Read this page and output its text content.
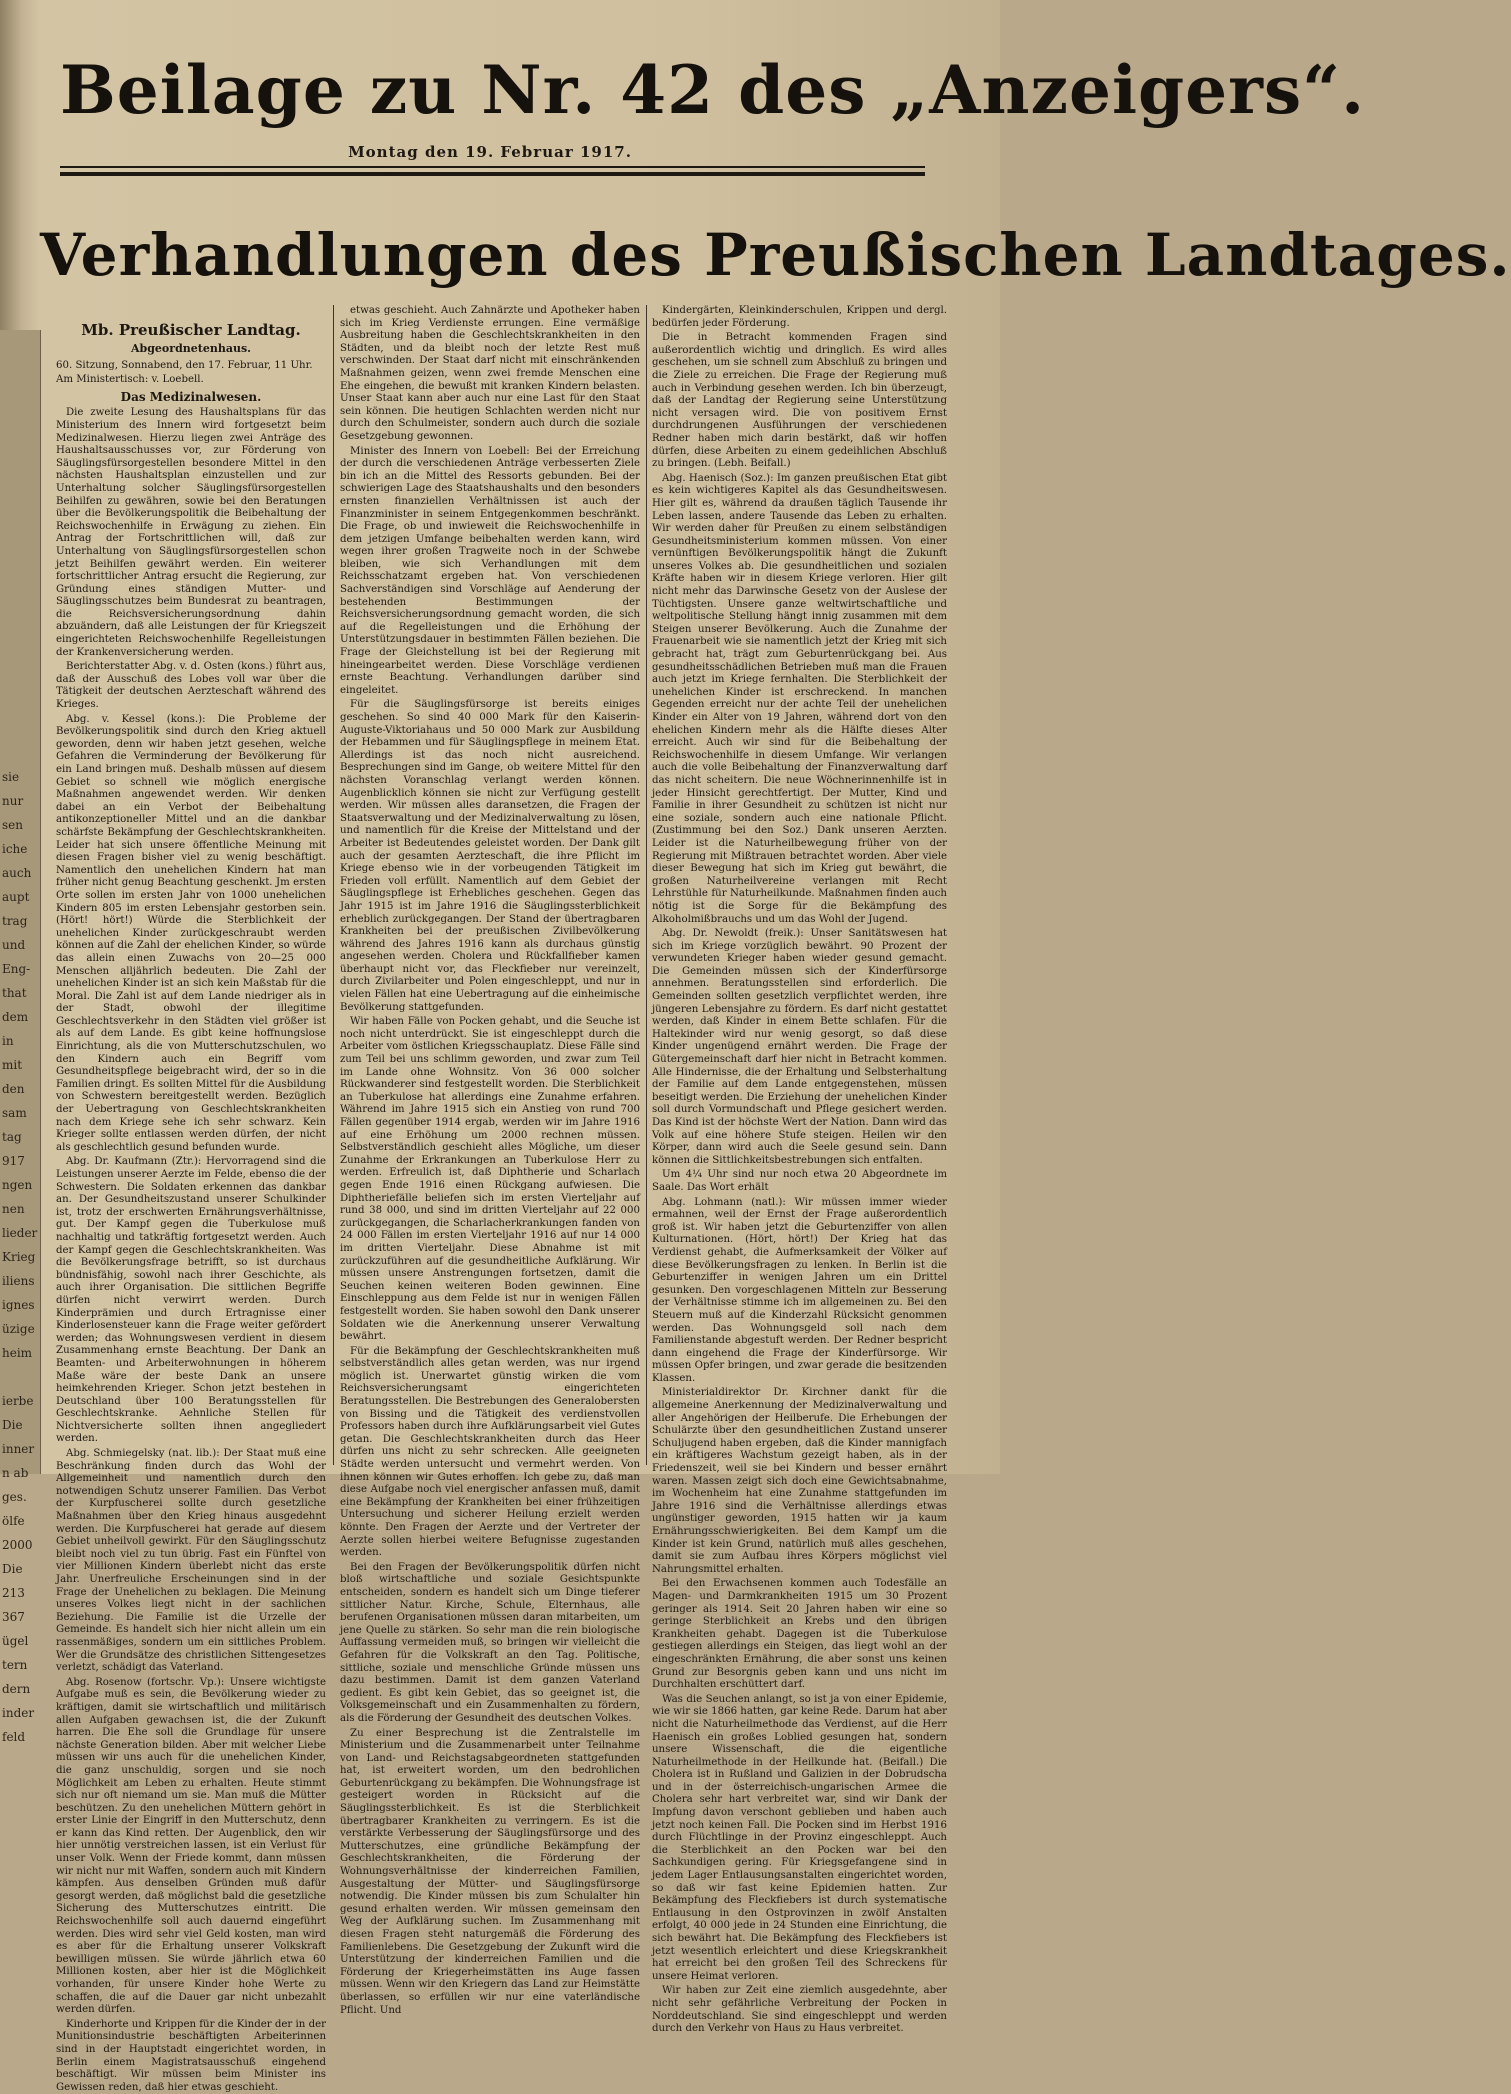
sie
nur
sen
iche
auch
aupt
trag
und
Eng-
that
dem
in
mit
den
sam
tag
917
ngen
nen
lieder
Krieg
iliens
ignes
üzige
heim
ierbe
Die
inner
n ab
ges.
ölfe
2000
Die
213
367
ügel
tern
dern
inder
feld
Beilage zu Nr. 42 des „Anzeigers“.
Montag den 19. Februar 1917.
Verhandlungen des Preußischen Landtages.
Mb. Preußischer Landtag.
Abgeordnetenhaus.
60. Sitzung, Sonnabend, den 17. Februar, 11 Uhr.
Am Ministertisch: v. Loebell.
Das Medizinalwesen.

Die zweite Lesung des Haushaltsplans für das Ministerium des Innern wird fortgesetzt beim Medizinalwesen. Hierzu liegen zwei Anträge des Haushaltsausschusses vor, zur Förderung von Säuglingsfürsorgestellen besondere Mittel in den nächsten Haushaltsplan einzustellen und zur Unterhaltung solcher Säuglingsfürsorgestellen Beihilfen zu gewähren, sowie bei den Beratungen über die Bevölkerungspolitik die Beibehaltung der Reichswochenhilfe in Erwägung zu ziehen. Ein Antrag der Fortschrittlichen will, daß zur Unterhaltung von Säuglingsfürsorgestellen schon jetzt Beihilfen gewährt werden. Ein weiterer fortschrittlicher Antrag ersucht die Regierung, zur Gründung eines ständigen Mutter- und Säuglingsschutzes beim Bundesrat zu beantragen, die Reichsversicherungsordnung dahin abzuändern, daß alle Leistungen der für Kriegszeit eingerichteten Reichswochenhilfe Regelleistungen der Krankenversicherung werden.

Berichterstatter Abg. v. d. Osten (kons.) führt aus, daß der Ausschuß des Lobes voll war über die Tätigkeit der deutschen Aerzteschaft während des Krieges.

Abg. v. Kessel (kons.): Die Probleme der Bevölkerungspolitik sind durch den Krieg aktuell geworden, denn wir haben jetzt gesehen, welche Gefahren die Verminderung der Bevölkerung für ein Land bringen muß. Deshalb müssen auf diesem Gebiet so schnell wie möglich energische Maßnahmen angewendet werden. Wir denken dabei an ein Verbot der Beibehaltung antikonzeptioneller Mittel und an die dankbar schärfste Bekämpfung der Geschlechtskrankheiten. Leider hat sich unsere öffentliche Meinung mit diesen Fragen bisher viel zu wenig beschäftigt. Namentlich den unehelichen Kindern hat man früher nicht genug Beachtung geschenkt. Jm ersten Orte sollen im ersten Jahr von 1000 unehelichen Kindern 805 im ersten Lebensjahr gestorben sein. (Hört! hört!) Würde die Sterblichkeit der unehelichen Kinder zurückgeschraubt werden können auf die Zahl der ehelichen Kinder, so würde das allein einen Zuwachs von 20—25 000 Menschen alljährlich bedeuten. Die Zahl der unehelichen Kinder ist an sich kein Maßstab für die Moral. Die Zahl ist auf dem Lande niedriger als in der Stadt, obwohl der illegitime Geschlechtsverkehr in den Städten viel größer ist als auf dem Lande. Es gibt keine hoffnungslose Einrichtung, als die von Mutterschutzschulen, wo den Kindern auch ein Begriff vom Gesundheitspflege beigebracht wird, der so in die Familien dringt. Es sollten Mittel für die Ausbildung von Schwestern bereitgestellt werden. Bezüglich der Uebertragung von Geschlechtskrankheiten nach dem Kriege sehe ich sehr schwarz. Kein Krieger sollte entlassen werden dürfen, der nicht als geschlechtlich gesund befunden wurde.

Abg. Dr. Kaufmann (Ztr.): Hervorragend sind die Leistungen unserer Aerzte im Felde, ebenso die der Schwestern. Die Soldaten erkennen das dankbar an. Der Gesundheitszustand unserer Schulkinder ist, trotz der erschwerten Ernährungsverhältnisse, gut. Der Kampf gegen die Tuberkulose muß nachhaltig und tatkräftig fortgesetzt werden. Auch der Kampf gegen die Geschlechtskrankheiten. Was die Bevölkerungsfrage betrifft, so ist durchaus bündnisfähig, sowohl nach ihrer Geschichte, als auch ihrer Organisation. Die sittlichen Begriffe dürfen nicht verwirrt werden. Durch Kinderprämien und durch Ertragnisse einer Kinderlosensteuer kann die Frage weiter gefördert werden; das Wohnungswesen verdient in diesem Zusammenhang ernste Beachtung. Der Dank an Beamten- und Arbeiterwohnungen in höherem Maße wäre der beste Dank an unsere heimkehrenden Krieger. Schon jetzt bestehen in Deutschland über 100 Beratungsstellen für Geschlechtskranke. Aehnliche Stellen für Nichtversicherte sollten ihnen angegliedert werden.

Abg. Schmiegelsky (nat. lib.): Der Staat muß eine Beschränkung finden durch das Wohl der Allgemeinheit und namentlich durch den notwendigen Schutz unserer Familien. Das Verbot der Kurpfuscherei sollte durch gesetzliche Maßnahmen über den Krieg hinaus ausgedehnt werden. Die Kurpfuscherei hat gerade auf diesem Gebiet unheilvoll gewirkt. Für den Säuglingsschutz bleibt noch viel zu tun übrig. Fast ein Fünftel von vier Millionen Kindern überlebt nicht das erste Jahr. Unerfreuliche Erscheinungen sind in der Frage der Unehelichen zu beklagen. Die Meinung unseres Volkes liegt nicht in der sachlichen Beziehung. Die Familie ist die Urzelle der Gemeinde. Es handelt sich hier nicht allein um ein rassenmäßiges, sondern um ein sittliches Problem. Wer die Grundsätze des christlichen Sittengesetzes verletzt, schädigt das Vaterland.

Abg. Rosenow (fortschr. Vp.): Unsere wichtigste Aufgabe muß es sein, die Bevölkerung wieder zu kräftigen, damit sie wirtschaftlich und militärisch allen Aufgaben gewachsen ist, die der Zukunft harren. Die Ehe soll die Grundlage für unsere nächste Generation bilden. Aber mit welcher Liebe müssen wir uns auch für die unehelichen Kinder, die ganz unschuldig, sorgen und sie noch Möglichkeit am Leben zu erhalten. Heute stimmt sich nur oft niemand um sie. Man muß die Mütter beschützen. Zu den unehelichen Müttern gehört in erster Linie der Eingriff in den Mutterschutz, denn er kann das Kind retten. Der Augenblick, den wir hier unnötig verstreichen lassen, ist ein Verlust für unser Volk. Wenn der Friede kommt, dann müssen wir nicht nur mit Waffen, sondern auch mit Kindern kämpfen. Aus denselben Gründen muß dafür gesorgt werden, daß möglichst bald die gesetzliche Sicherung des Mutterschutzes eintritt. Die Reichswochenhilfe soll auch dauernd eingeführt werden. Dies wird sehr viel Geld kosten, man wird es aber für die Erhaltung unserer Volkskraft bewilligen müssen. Sie würde jährlich etwa 60 Millionen kosten, aber hier ist die Möglichkeit vorhanden, für unsere Kinder hohe Werte zu schaffen, die auf die Dauer gar nicht unbezahlt werden dürfen.

Kinderhorte und Krippen für die Kinder der in der Munitionsindustrie beschäftigten Arbeiterinnen sind in der Hauptstadt eingerichtet worden, in Berlin einem Magistratsausschuß eingehend beschäftigt. Wir müssen beim Minister ins Gewissen reden, daß hier etwas geschieht.

etwas geschieht. Auch Zahnärzte und Apotheker haben sich im Krieg Verdienste errungen. Eine vermäßige Ausbreitung haben die Geschlechtskrankheiten in den Städten, und da bleibt noch der letzte Rest muß verschwinden. Der Staat darf nicht mit einschränkenden Maßnahmen geizen, wenn zwei fremde Menschen eine Ehe eingehen, die bewußt mit kranken Kindern belasten. Unser Staat kann aber auch nur eine Last für den Staat sein können. Die heutigen Schlachten werden nicht nur durch den Schulmeister, sondern auch durch die soziale Gesetzgebung gewonnen.

Minister des Innern von Loebell: Bei der Erreichung der durch die verschiedenen Anträge verbesserten Ziele bin ich an die Mittel des Ressorts gebunden. Bei der schwierigen Lage des Staatshaushalts und den besonders ernsten finanziellen Verhältnissen ist auch der Finanzminister in seinem Entgegenkommen beschränkt. Die Frage, ob und inwieweit die Reichswochenhilfe in dem jetzigen Umfange beibehalten werden kann, wird wegen ihrer großen Tragweite noch in der Schwebe bleiben, wie sich Verhandlungen mit dem Reichsschatzamt ergeben hat. Von verschiedenen Sachverständigen sind Vorschläge auf Aenderung der bestehenden Bestimmungen der Reichsversicherungsordnung gemacht worden, die sich auf die Regelleistungen und die Erhöhung der Unterstützungsdauer in bestimmten Fällen beziehen. Die Frage der Gleichstellung ist bei der Regierung mit hineingearbeitet werden. Diese Vorschläge verdienen ernste Beachtung. Verhandlungen darüber sind eingeleitet.

Für die Säuglingsfürsorge ist bereits einiges geschehen. So sind 40 000 Mark für den Kaiserin-Auguste-Viktoriahaus und 50 000 Mark zur Ausbildung der Hebammen und für Säuglingspflege in meinem Etat. Allerdings ist das noch nicht ausreichend. Besprechungen sind im Gange, ob weitere Mittel für den nächsten Voranschlag verlangt werden können. Augenblicklich können sie nicht zur Verfügung gestellt werden. Wir müssen alles daransetzen, die Fragen der Staatsverwaltung und der Medizinalverwaltung zu lösen, und namentlich für die Kreise der Mittelstand und der Arbeiter ist Bedeutendes geleistet worden. Der Dank gilt auch der gesamten Aerzteschaft, die ihre Pflicht im Kriege ebenso wie in der vorbeugenden Tätigkeit im Frieden voll erfüllt. Namentlich auf dem Gebiet der Säuglingspflege ist Erhebliches geschehen. Gegen das Jahr 1915 ist im Jahre 1916 die Säuglingssterblichkeit erheblich zurückgegangen. Der Stand der übertragbaren Krankheiten bei der preußischen Zivilbevölkerung während des Jahres 1916 kann als durchaus günstig angesehen werden. Cholera und Rückfallfieber kamen überhaupt nicht vor, das Fleckfieber nur vereinzelt, durch Zivilarbeiter und Polen eingeschleppt, und nur in vielen Fällen hat eine Uebertragung auf die einheimische Bevölkerung stattgefunden.

Wir haben Fälle von Pocken gehabt, und die Seuche ist noch nicht unterdrückt. Sie ist eingeschleppt durch die Arbeiter vom östlichen Kriegsschauplatz. Diese Fälle sind zum Teil bei uns schlimm geworden, und zwar zum Teil im Lande ohne Wohnsitz. Von 36 000 solcher Rückwanderer sind festgestellt worden. Die Sterblichkeit an Tuberkulose hat allerdings eine Zunahme erfahren. Während im Jahre 1915 sich ein Anstieg von rund 700 Fällen gegenüber 1914 ergab, werden wir im Jahre 1916 auf eine Erhöhung um 2000 rechnen müssen. Selbstverständlich geschieht alles Mögliche, um dieser Zunahme der Erkrankungen an Tuberkulose Herr zu werden. Erfreulich ist, daß Diphtherie und Scharlach gegen Ende 1916 einen Rückgang aufwiesen. Die Diphtheriefälle beliefen sich im ersten Vierteljahr auf rund 38 000, und sind im dritten Vierteljahr auf 22 000 zurückgegangen, die Scharlacherkrankungen fanden von 24 000 Fällen im ersten Vierteljahr 1916 auf nur 14 000 im dritten Vierteljahr. Diese Abnahme ist mit zurückzuführen auf die gesundheitliche Aufklärung. Wir müssen unsere Anstrengungen fortsetzen, damit die Seuchen keinen weiteren Boden gewinnen. Eine Einschleppung aus dem Felde ist nur in wenigen Fällen festgestellt worden. Sie haben sowohl den Dank unserer Soldaten wie die Anerkennung unserer Verwaltung bewährt.

Für die Bekämpfung der Geschlechtskrankheiten muß selbstverständlich alles getan werden, was nur irgend möglich ist. Unerwartet günstig wirken die vom Reichsversicherungsamt eingerichteten Beratungsstellen. Die Bestrebungen des Generalobersten von Bissing und die Tätigkeit des verdienstvollen Professors haben durch ihre Aufklärungsarbeit viel Gutes getan. Die Geschlechtskrankheiten durch das Heer dürfen uns nicht zu sehr schrecken. Alle geeigneten Städte werden untersucht und vermehrt werden. Von ihnen können wir Gutes erhoffen. Ich gebe zu, daß man diese Aufgabe noch viel energischer anfassen muß, damit eine Bekämpfung der Krankheiten bei einer frühzeitigen Untersuchung und sicherer Heilung erzielt werden könnte. Den Fragen der Aerzte und der Vertreter der Aerzte sollen hierbei weitere Befugnisse zugestanden werden.

Bei den Fragen der Bevölkerungspolitik dürfen nicht bloß wirtschaftliche und soziale Gesichtspunkte entscheiden, sondern es handelt sich um Dinge tieferer sittlicher Natur. Kirche, Schule, Elternhaus, alle berufenen Organisationen müssen daran mitarbeiten, um jene Quelle zu stärken. So sehr man die rein biologische Auffassung vermeiden muß, so bringen wir vielleicht die Gefahren für die Volkskraft an den Tag. Politische, sittliche, soziale und menschliche Gründe müssen uns dazu bestimmen. Damit ist dem ganzen Vaterland gedient. Es gibt kein Gebiet, das so geeignet ist, die Volksgemeinschaft und ein Zusammenhalten zu fördern, als die Förderung der Gesundheit des deutschen Volkes.

Zu einer Besprechung ist die Zentralstelle im Ministerium und die Zusammenarbeit unter Teilnahme von Land- und Reichstagsabgeordneten stattgefunden hat, ist erweitert worden, um den bedrohlichen Geburtenrückgang zu bekämpfen. Die Wohnungsfrage ist gesteigert worden in Rücksicht auf die Säuglingssterblichkeit. Es ist die Sterblichkeit übertragbarer Krankheiten zu verringern. Es ist die verstärkte Verbesserung der Säuglingsfürsorge und des Mutterschutzes, eine gründliche Bekämpfung der Geschlechtskrankheiten, die Förderung der Wohnungsverhältnisse der kinderreichen Familien, Ausgestaltung der Mütter- und Säuglingsfürsorge notwendig. Die Kinder müssen bis zum Schulalter hin gesund erhalten werden. Wir müssen gemeinsam den Weg der Aufklärung suchen. Im Zusammenhang mit diesen Fragen steht naturgemäß die Förderung des Familienlebens. Die Gesetzgebung der Zukunft wird die Unterstützung der kinderreichen Familien und die Förderung der Kriegerheimstätten ins Auge fassen müssen. Wenn wir den Kriegern das Land zur Heimstätte überlassen, so erfüllen wir nur eine vaterländische Pflicht. Und

Kindergärten, Kleinkinderschulen, Krippen und dergl. bedürfen jeder Förderung.

Die in Betracht kommenden Fragen sind außerordentlich wichtig und dringlich. Es wird alles geschehen, um sie schnell zum Abschluß zu bringen und die Ziele zu erreichen. Die Frage der Regierung muß auch in Verbindung gesehen werden. Ich bin überzeugt, daß der Landtag der Regierung seine Unterstützung nicht versagen wird. Die von positivem Ernst durchdrungenen Ausführungen der verschiedenen Redner haben mich darin bestärkt, daß wir hoffen dürfen, diese Arbeiten zu einem gedeihlichen Abschluß zu bringen. (Lebh. Beifall.)

Abg. Haenisch (Soz.): Im ganzen preußischen Etat gibt es kein wichtigeres Kapitel als das Gesundheitswesen. Hier gilt es, während da draußen täglich Tausende ihr Leben lassen, andere Tausende das Leben zu erhalten. Wir werden daher für Preußen zu einem selbständigen Gesundheitsministerium kommen müssen. Von einer vernünftigen Bevölkerungspolitik hängt die Zukunft unseres Volkes ab. Die gesundheitlichen und sozialen Kräfte haben wir in diesem Kriege verloren. Hier gilt nicht mehr das Darwinsche Gesetz von der Auslese der Tüchtigsten. Unsere ganze weltwirtschaftliche und weltpolitische Stellung hängt innig zusammen mit dem Steigen unserer Bevölkerung. Auch die Zunahme der Frauenarbeit wie sie namentlich jetzt der Krieg mit sich gebracht hat, trägt zum Geburtenrückgang bei. Aus gesundheitsschädlichen Betrieben muß man die Frauen auch jetzt im Kriege fernhalten. Die Sterblichkeit der unehelichen Kinder ist erschreckend. In manchen Gegenden erreicht nur der achte Teil der unehelichen Kinder ein Alter von 19 Jahren, während dort von den ehelichen Kindern mehr als die Hälfte dieses Alter erreicht. Auch wir sind für die Beibehaltung der Reichswochenhilfe in diesem Umfange. Wir verlangen auch die volle Beibehaltung der Finanzverwaltung darf das nicht scheitern. Die neue Wöchnerinnenhilfe ist in jeder Hinsicht gerechtfertigt. Der Mutter, Kind und Familie in ihrer Gesundheit zu schützen ist nicht nur eine soziale, sondern auch eine nationale Pflicht. (Zustimmung bei den Soz.) Dank unseren Aerzten. Leider ist die Naturheilbewegung früher von der Regierung mit Mißtrauen betrachtet worden. Aber viele dieser Bewegung hat sich im Krieg gut bewährt, die großen Naturheilvereine verlangen mit Recht Lehrstühle für Naturheilkunde. Maßnahmen finden auch nötig ist die Sorge für die Bekämpfung des Alkoholmißbrauchs und um das Wohl der Jugend.

Abg. Dr. Newoldt (freik.): Unser Sanitätswesen hat sich im Kriege vorzüglich bewährt. 90 Prozent der verwundeten Krieger haben wieder gesund gemacht. Die Gemeinden müssen sich der Kinderfürsorge annehmen. Beratungsstellen sind erforderlich. Die Gemeinden sollten gesetzlich verpflichtet werden, ihre jüngeren Lebensjahre zu fördern. Es darf nicht gestattet werden, daß Kinder in einem Bette schlafen. Für die Haltekinder wird nur wenig gesorgt, so daß diese Kinder ungenügend ernährt werden. Die Frage der Gütergemeinschaft darf hier nicht in Betracht kommen. Alle Hindernisse, die der Erhaltung und Selbsterhaltung der Familie auf dem Lande entgegenstehen, müssen beseitigt werden. Die Erziehung der unehelichen Kinder soll durch Vormundschaft und Pflege gesichert werden. Das Kind ist der höchste Wert der Nation. Dann wird das Volk auf eine höhere Stufe steigen. Heilen wir den Körper, dann wird auch die Seele gesund sein. Dann können die Sittlichkeitsbestrebungen sich entfalten.

Um 4¼ Uhr sind nur noch etwa 20 Abgeordnete im Saale. Das Wort erhält

Abg. Lohmann (natl.): Wir müssen immer wieder ermahnen, weil der Ernst der Frage außerordentlich groß ist. Wir haben jetzt die Geburtenziffer von allen Kulturnationen. (Hört, hört!) Der Krieg hat das Verdienst gehabt, die Aufmerksamkeit der Völker auf diese Bevölkerungsfragen zu lenken. In Berlin ist die Geburtenziffer in wenigen Jahren um ein Drittel gesunken. Den vorgeschlagenen Mitteln zur Besserung der Verhältnisse stimme ich im allgemeinen zu. Bei den Steuern muß auf die Kinderzahl Rücksicht genommen werden. Das Wohnungsgeld soll nach dem Familienstande abgestuft werden. Der Redner bespricht dann eingehend die Frage der Kinderfürsorge. Wir müssen Opfer bringen, und zwar gerade die besitzenden Klassen.

Ministerialdirektor Dr. Kirchner dankt für die allgemeine Anerkennung der Medizinalverwaltung und aller Angehörigen der Heilberufe. Die Erhebungen der Schulärzte über den gesundheitlichen Zustand unserer Schuljugend haben ergeben, daß die Kinder mannigfach ein kräftigeres Wachstum gezeigt haben, als in der Friedenszeit, weil sie bei Kindern und besser ernährt waren. Massen zeigt sich doch eine Gewichtsabnahme, im Wochenheim hat eine Zunahme stattgefunden im Jahre 1916 sind die Verhältnisse allerdings etwas ungünstiger geworden, 1915 hatten wir ja kaum Ernährungsschwierigkeiten. Bei dem Kampf um die Kinder ist kein Grund, natürlich muß alles geschehen, damit sie zum Aufbau ihres Körpers möglichst viel Nahrungsmittel erhalten.

Bei den Erwachsenen kommen auch Todesfälle an Magen- und Darmkrankheiten 1915 um 30 Prozent geringer als 1914. Seit 20 Jahren haben wir eine so geringe Sterblichkeit an Krebs und den übrigen Krankheiten gehabt. Dagegen ist die Tuberkulose gestiegen allerdings ein Steigen, das liegt wohl an der eingeschränkten Ernährung, die aber sonst uns keinen Grund zur Besorgnis geben kann und uns nicht im Durchhalten erschüttert darf.

Was die Seuchen anlangt, so ist ja von einer Epidemie, wie wir sie 1866 hatten, gar keine Rede. Darum hat aber nicht die Naturheilmethode das Verdienst, auf die Herr Haenisch ein großes Loblied gesungen hat, sondern unsere Wissenschaft, die die eigentliche Naturheilmethode in der Heilkunde hat. (Beifall.) Die Cholera ist in Rußland und Galizien in der Dobrudscha und in der österreichisch-ungarischen Armee die Cholera sehr hart verbreitet war, sind wir Dank der Impfung davon verschont geblieben und haben auch jetzt noch keinen Fall. Die Pocken sind im Herbst 1916 durch Flüchtlinge in der Provinz eingeschleppt. Auch die Sterblichkeit an den Pocken war bei den Sachkundigen gering. Für Kriegsgefangene sind in jedem Lager Entlausungsanstalten eingerichtet worden, so daß wir fast keine Epidemien hatten. Zur Bekämpfung des Fleckfiebers ist durch systematische Entlausung in den Ostprovinzen in zwölf Anstalten erfolgt, 40 000 jede in 24 Stunden eine Einrichtung, die sich bewährt hat. Die Bekämpfung des Fleckfiebers ist jetzt wesentlich erleichtert und diese Kriegskrankheit hat erreicht bei den großen Teil des Schreckens für unsere Heimat verloren.

Wir haben zur Zeit eine ziemlich ausgedehnte, aber nicht sehr gefährliche Verbreitung der Pocken in Norddeutschland. Sie sind eingeschleppt und werden durch den Verkehr von Haus zu Haus verbreitet.
